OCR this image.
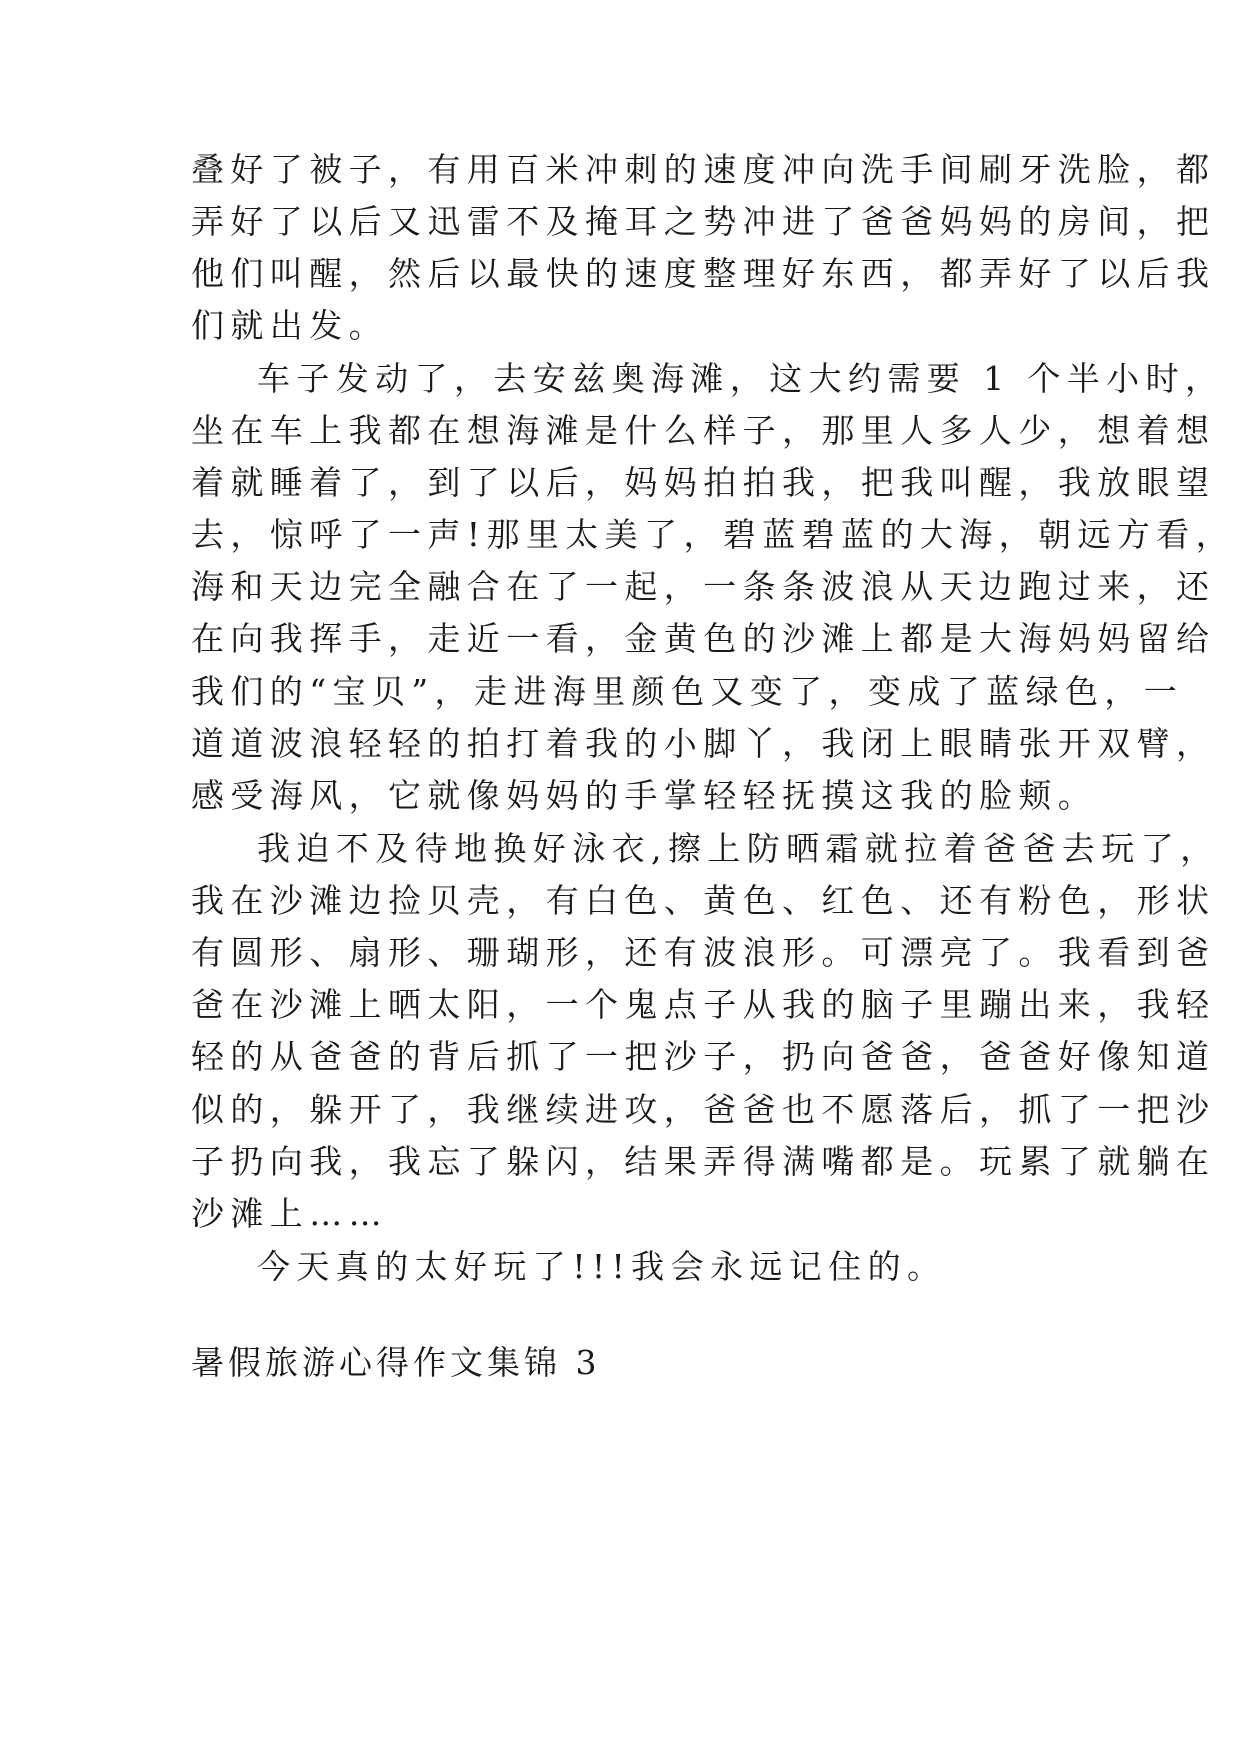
叠好了被子，有用百米冲刺的速度冲向洗手间刷牙洗脸，都
弄好了以后又迅雷不及掩耳之势冲进了爸爸妈妈的房间，把
他们叫醒，然后以最快的速度整理好东西，都弄好了以后我
们就出发。
车子发动了，去安兹奥海滩，这大约需要 1 个半小时，
坐在车上我都在想海滩是什么样子，那里人多人少，想着想
着就睡着了，到了以后，妈妈拍拍我，把我叫醒，我放眼望
去，惊呼了一声!那里太美了，碧蓝碧蓝的大海，朝远方看，
海和天边完全融合在了一起，一条条波浪从天边跑过来，还
在向我挥手，走近一看，金黄色的沙滩上都是大海妈妈留给
我们的“宝贝”，走进海里颜色又变了，变成了蓝绿色，一
道道波浪轻轻的拍打着我的小脚丫，我闭上眼睛张开双臂，
感受海风，它就像妈妈的手掌轻轻抚摸这我的脸颊。
我迫不及待地换好泳衣,擦上防晒霜就拉着爸爸去玩了，
我在沙滩边捡贝壳，有白色、黄色、红色、还有粉色，形状
有圆形、扇形、珊瑚形，还有波浪形。可漂亮了。我看到爸
爸在沙滩上晒太阳，一个鬼点子从我的脑子里蹦出来，我轻
轻的从爸爸的背后抓了一把沙子，扔向爸爸，爸爸好像知道
似的，躲开了，我继续进攻，爸爸也不愿落后，抓了一把沙
子扔向我，我忘了躲闪，结果弄得满嘴都是。玩累了就躺在
沙滩上……
今天真的太好玩了!!!我会永远记住的。
暑假旅游心得作文集锦 3
